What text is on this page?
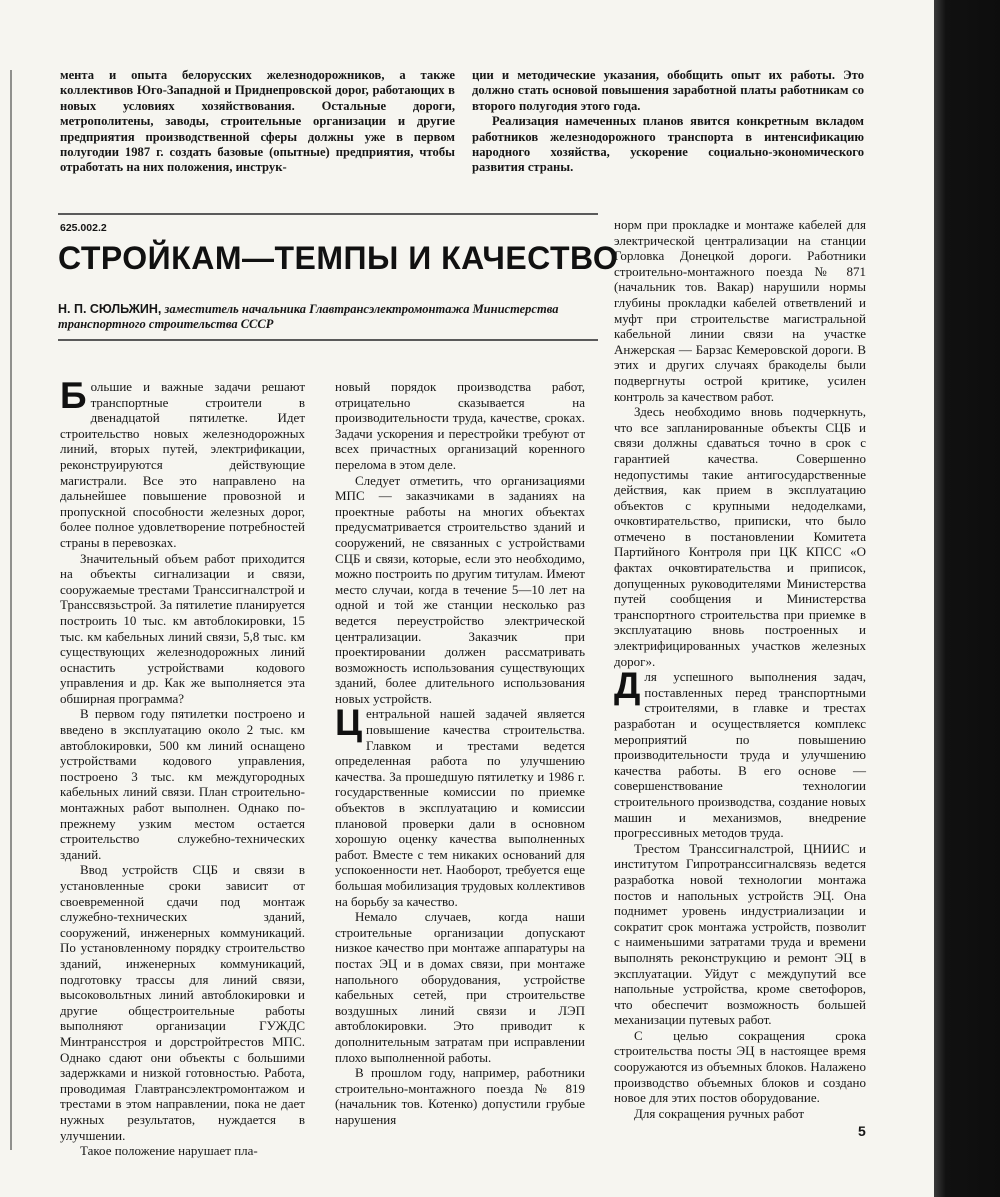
мента и опыта белорусских железнодорожников, а также коллективов Юго-Западной и Приднепровской дорог, работающих в новых условиях хозяйствования. Остальные дороги, метрополитены, заводы, строительные организации и другие предприятия производственной сферы должны уже в первом полугодии 1987 г. создать базовые (опытные) предприятия, чтобы отработать на них положения, инструк-

ции и методические указания, обобщить опыт их работы. Это должно стать основой повышения заработной платы работникам со второго полугодия этого года.

Реализация намеченных планов явится конкретным вкладом работников железнодорожного транспорта в интенсификацию народного хозяйства, ускорение социально-экономического развития страны.

625.002.2
СТРОЙКАМ—ТЕМПЫ И КАЧЕСТВО

Н. П. СЮЛЬЖИН, заместитель начальника Главтрансэлектромонтажа Министерства транспортного строительства СССР

Большие и важные задачи решают транспортные строители в двенадцатой пятилетке. Идет строительство новых железнодорожных линий, вторых путей, электрификации, реконструируются действующие магистрали. Все это направлено на дальнейшее повышение провозной и пропускной способности железных дорог, более полное удовлетворение потребностей страны в перевозках.

Значительный объем работ приходится на объекты сигнализации и связи, сооружаемые трестами Транссигналстрой и Транссвязьстрой. За пятилетие планируется построить 10 тыс. км автоблокировки, 15 тыс. км кабельных линий связи, 5,8 тыс. км существующих железнодорожных линий оснастить устройствами кодового управления и др. Как же выполняется эта обширная программа?

В первом году пятилетки построено и введено в эксплуатацию около 2 тыс. км автоблокировки, 500 км линий оснащено устройствами кодового управления, построено 3 тыс. км междугородных кабельных линий связи. План строительно-монтажных работ выполнен. Однако по-прежнему узким местом остается строительство служебно-технических зданий.

Ввод устройств СЦБ и связи в установленные сроки зависит от своевременной сдачи под монтаж служебно-технических зданий, сооружений, инженерных коммуникаций. По установленному порядку строительство зданий, инженерных коммуникаций, подготовку трассы для линий связи, высоковольтных линий автоблокировки и другие общестроительные работы выполняют организации ГУЖДС Минтрансстроя и дорстройтрестов МПС. Однако сдают они объекты с большими задержками и низкой готовностью. Работа, проводимая Главтрансэлектромонтажом и трестами в этом направлении, пока не дает нужных результатов, нуждается в улучшении.

Такое положение нарушает пла-

новый порядок производства работ, отрицательно сказывается на производительности труда, качестве, сроках. Задачи ускорения и перестройки требуют от всех причастных организаций коренного перелома в этом деле.

Следует отметить, что организациями МПС — заказчиками в заданиях на проектные работы на многих объектах предусматривается строительство зданий и сооружений, не связанных с устройствами СЦБ и связи, которые, если это необходимо, можно построить по другим титулам. Имеют место случаи, когда в течение 5—10 лет на одной и той же станции несколько раз ведется переустройство электрической централизации. Заказчик при проектировании должен рассматривать возможность использования существующих зданий, более длительного использования новых устройств.

Центральной нашей задачей является повышение качества строительства. Главком и трестами ведется определенная работа по улучшению качества. За прошедшую пятилетку и 1986 г. государственные комиссии по приемке объектов в эксплуатацию и комиссии плановой проверки дали в основном хорошую оценку качества выполненных работ. Вместе с тем никаких оснований для успокоенности нет. Наоборот, требуется еще большая мобилизация трудовых коллективов на борьбу за качество.

Немало случаев, когда наши строительные организации допускают низкое качество при монтаже аппаратуры на постах ЭЦ и в домах связи, при монтаже напольного оборудования, устройстве кабельных сетей, при строительстве воздушных линий связи и ЛЭП автоблокировки. Это приводит к дополнительным затратам при исправлении плохо выполненной работы.

В прошлом году, например, работники строительно-монтажного поезда № 819 (начальник тов. Котенко) допустили грубые нарушения

норм при прокладке и монтаже кабелей для электрической централизации на станции Горловка Донецкой дороги. Работники строительно-монтажного поезда № 871 (начальник тов. Вакар) нарушили нормы глубины прокладки кабелей ответвлений и муфт при строительстве магистральной кабельной линии связи на участке Анжерская — Барзас Кемеровской дороги. В этих и других случаях бракоделы были подвергнуты острой критике, усилен контроль за качеством работ.

Здесь необходимо вновь подчеркнуть, что все запланированные объекты СЦБ и связи должны сдаваться точно в срок с гарантией качества. Совершенно недопустимы такие антигосударственные действия, как прием в эксплуатацию объектов с крупными недоделками, очковтирательство, приписки, что было отмечено в постановлении Комитета Партийного Контроля при ЦК КПСС «О фактах очковтирательства и приписок, допущенных руководителями Министерства путей сообщения и Министерства транспортного строительства при приемке в эксплуатацию вновь построенных и электрифицированных участков железных дорог».

Для успешного выполнения задач, поставленных перед транспортными строителями, в главке и трестах разработан и осуществляется комплекс мероприятий по повышению производительности труда и улучшению качества работы. В его основе — совершенствование технологии строительного производства, создание новых машин и механизмов, внедрение прогрессивных методов труда.

Трестом Транссигналстрой, ЦНИИС и институтом Гипротранссигналсвязь ведется разработка новой технологии монтажа постов и напольных устройств ЭЦ. Она поднимет уровень индустриализации и сократит срок монтажа устройств, позволит с наименьшими затратами труда и времени выполнять реконструкцию и ремонт ЭЦ в эксплуатации. Уйдут с междупутий все напольные устройства, кроме светофоров, что обеспечит возможность большей механизации путевых работ.

С целью сокращения срока строительства посты ЭЦ в настоящее время сооружаются из объемных блоков. Налажено производство объемных блоков и создано новое для этих постов оборудование.

Для сокращения ручных работ

5
